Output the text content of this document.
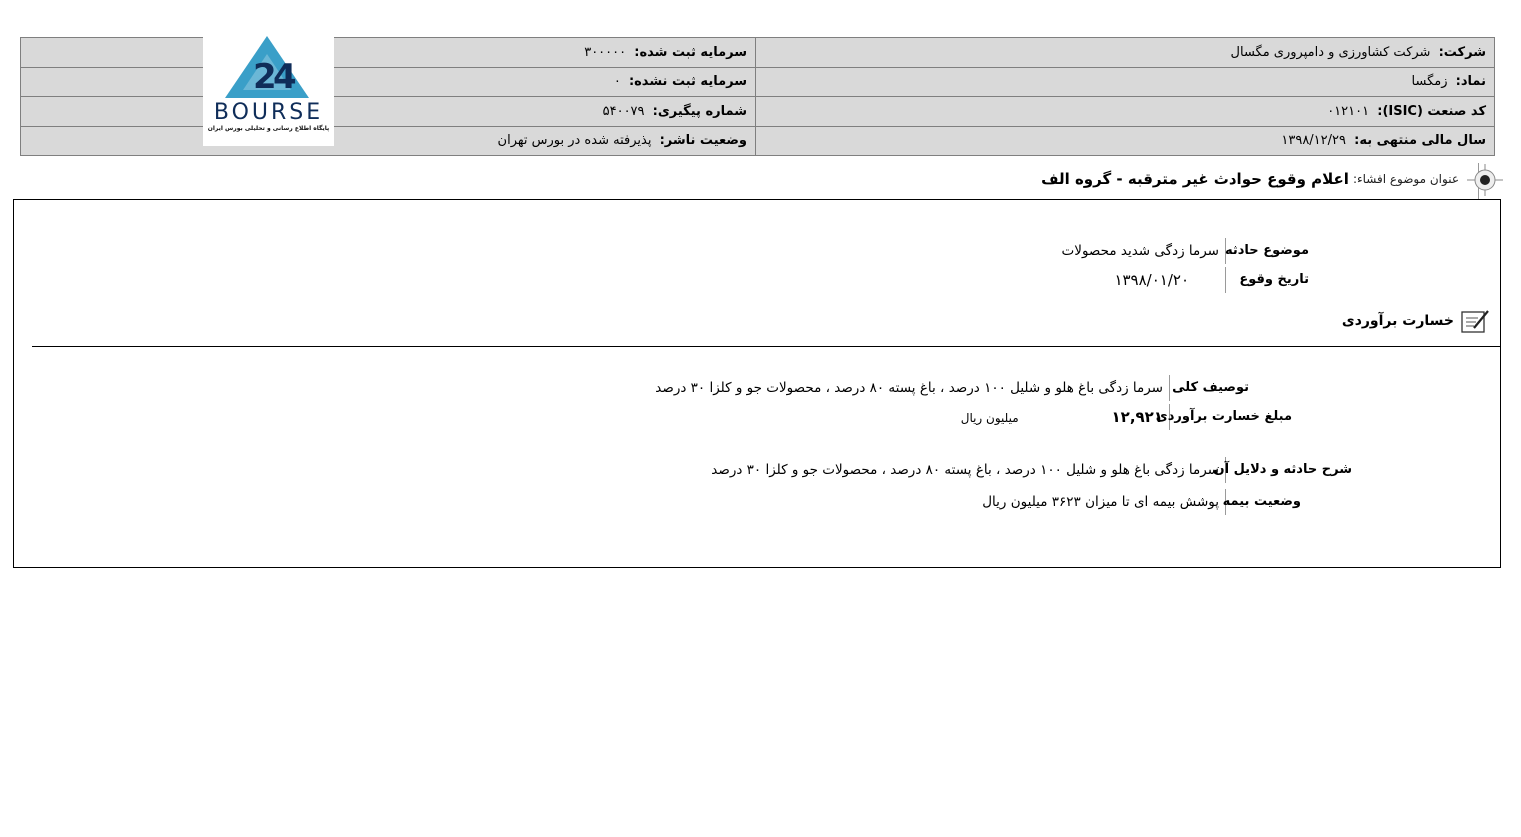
سرمایه ثبت شده: ۳۰۰۰۰۰	شرکت: شرکت کشاورزی و دامپروری مگسال
سرمایه ثبت نشده: ۰	نماد: زمگسا
شماره پیگیری: ۵۴۰۰۷۹	کد صنعت (ISIC): ۰۱۲۱۰۱
وضعیت ناشر: پذیرفته شده در بورس تهران	سال مالی منتهی به: ۱۳۹۸/۱۲/۲۹
2
4
BOURSE
پایگاه اطلاع رسانی و تحلیلی بورس ایران
عنوان موضوع افشاء:
اعلام وقوع حوادث غیر مترقبه - گروه الف
موضوع حادثه
سرما زدگی شدید محصولات
تاریخ وقوع
۱۳۹۸/۰۱/۲۰
خسارت برآوردی
توصیف کلی
سرما زدگی باغ هلو و شلیل ۱۰۰ درصد ، باغ پسته ۸۰ درصد ، محصولات جو و کلزا ۳۰ درصد
مبلغ خسارت برآوردی
۱۲,۹۲۱ میلیون ریال
شرح حادثه و دلایل آن
سرما زدگی باغ هلو و شلیل ۱۰۰ درصد ، باغ پسته ۸۰ درصد ، محصولات جو و کلزا ۳۰ درصد
وضعیت بیمه
پوشش بیمه ای تا میزان ۳۶۲۳ میلیون ریال
